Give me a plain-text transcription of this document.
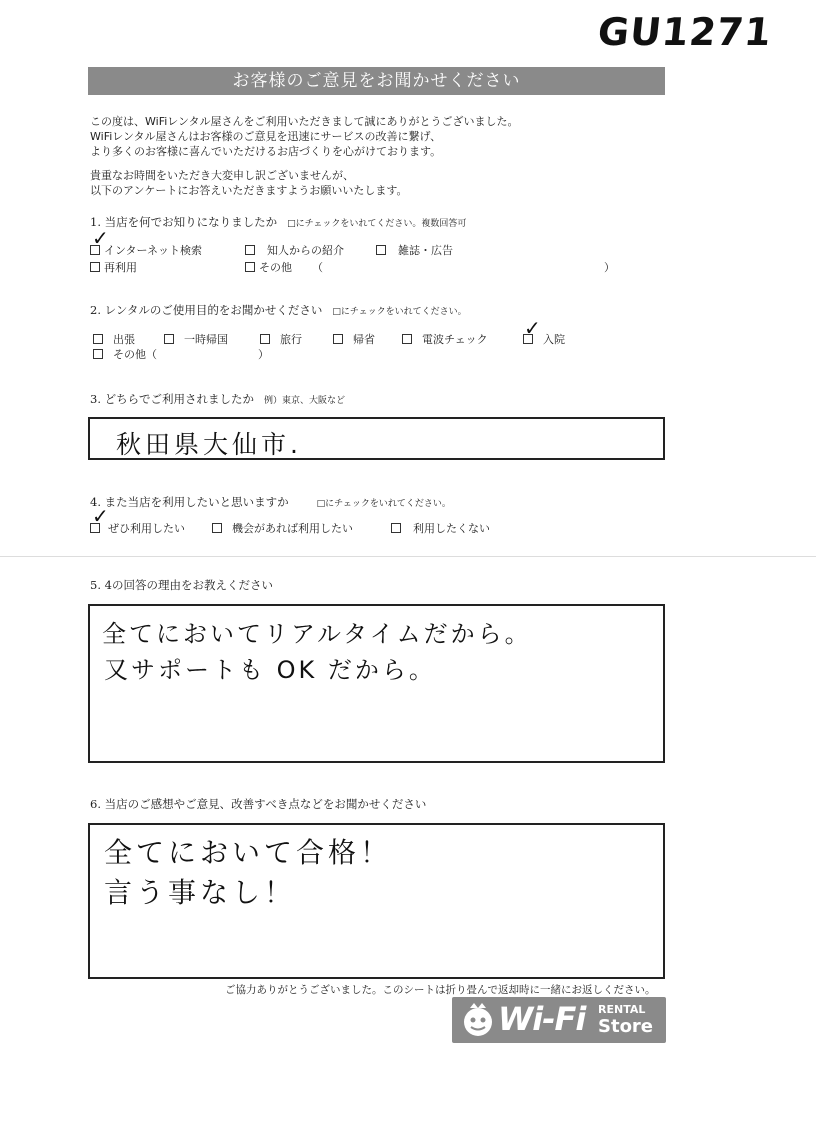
GU1271
お客様のご意見をお聞かせください
この度は、WiFiレンタル屋さんをご利用いただきまして誠にありがとうございました。
WiFiレンタル屋さんはお客様のご意見を迅速にサービスの改善に繋げ、
より多くのお客様に喜んでいただけるお店づくりを心がけております。
貴重なお時間をいただき大変申し訳ございませんが、
以下のアンケートにお答えいただきますようお願いいたします。
1. 当店を何でお知りになりましたか □にチェックをいれてください。複数回答可
インターネット検索
✓
知人からの紹介	雑誌・広告
再利用	その他 （	）
2. レンタルのご使用目的をお聞かせください □にチェックをいれてください。
出張	一時帰国	旅行	帰省	電波チェック	入院
✓
その他（	）
3. どちらでご利用されましたか 例）東京、大阪など
秋田県大仙市.
4. また当店を利用したいと思いますか	□にチェックをいれてください。
ぜひ利用したい
✓
機会があれば利用したい	利用したくない
5. 4の回答の理由をお教えください
全てにおいてリアルタイムだから。
又サポートも OK だから。
6. 当店のご感想やご意見、改善すべき点などをお聞かせください
全てにおいて合格！
言う事なし！
ご協力ありがとうございました。このシートは折り畳んで返却時に一緒にお返しください。
Wi-Fi RENTAL
Store
